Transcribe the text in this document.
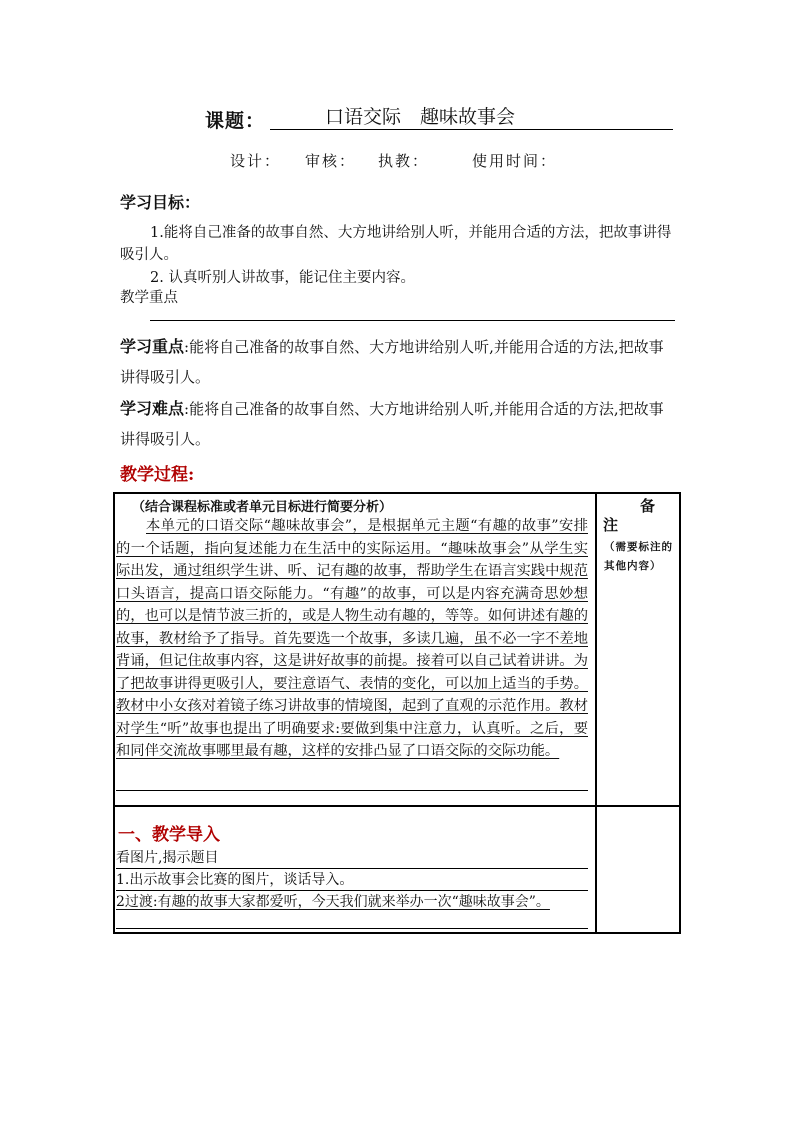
课题：	口语交际　趣味故事会
设计： 审核： 执教：	使用时间：
学习目标：
1.能将自己准备的故事自然、大方地讲给别人听，并能用合适的方法，把故事讲得吸引人。
2. 认真听别人讲故事，能记住主要内容。
教学重点
学习重点:能将自己准备的故事自然、大方地讲给别人听,并能用合适的方法,把故事讲得吸引人。
学习难点:能将自己准备的故事自然、大方地讲给别人听,并能用合适的方法,把故事讲得吸引人。
教学过程:
（结合课程标准或者单元目标进行简要分析）
本单元的口语交际“趣味故事会”，是根据单元主题“有趣的故事”安排的一个话题，指向复述能力在生活中的实际运用。“趣味故事会”从学生实际出发，通过组织学生讲、听、记有趣的故事，帮助学生在语言实践中规范口头语言，提高口语交际能力。“有趣”的故事，可以是内容充满奇思妙想的，也可以是情节波三折的，或是人物生动有趣的，等等。如何讲述有趣的故事，教材给予了指导。首先要选一个故事，多读几遍，虽不必一字不差地背诵，但记住故事内容，这是讲好故事的前提。接着可以自己试着讲讲。为了把故事讲得更吸引人，要注意语气、表情的变化，可以加上适当的手势。教材中小女孩对着镜子练习讲故事的情境图，起到了直观的示范作用。教材对学生“听”故事也提出了明确要求:要做到集中注意力，认真听。之后，要和同伴交流故事哪里最有趣，这样的安排凸显了口语交际的交际功能。
备
注
（需要标注的其他内容）
一、教学导入
看图片,揭示题目
1.出示故事会比赛的图片，谈话导入。
2过渡:有趣的故事大家都爱听，今天我们就来举办一次“趣味故事会”。
